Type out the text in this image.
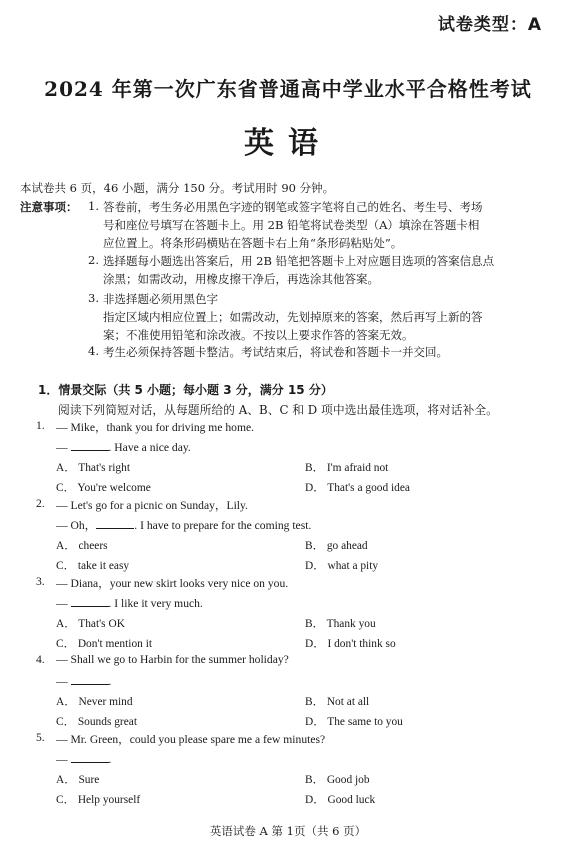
试卷类型：A
2024 年第一次广东省普通高中学业水平合格性考试
英语
本试卷共 6 页，46 小题，满分 150 分。考试用时 90 分钟。
注意事项： 1. 答卷前，考生务必用黑色字迹的钢笔或签字笔将自己的姓名、考生号、考场
号和座位号填写在答题卡上。用 2B 铅笔将试卷类型（A）填涂在答题卡相
应位置上。将条形码横贴在答题卡右上角“条形码粘贴处”。
2. 选择题每小题选出答案后，用 2B 铅笔把答题卡上对应题目选项的答案信息点
涂黑；如需改动，用橡皮擦干净后，再选涂其他答案。
3. 非选择题必须用黑色字
指定区域内相应位置上；如需改动，先划掉原来的答案，然后再写上新的答
案；不准使用铅笔和涂改液。不按以上要求作答的答案无效。
4. 考生必须保持答题卡整洁。考试结束后，将试卷和答题卡一并交回。
1．情景交际（共 5 小题；每小题 3 分，满分 15 分）
阅读下列简短对话，从每题所给的 A、B、C 和 D 项中选出最佳选项，将对话补全。
1. — Mike，thank you for driving me home.
—	. Have a nice day.
A． That's right	B． I'm afraid not
C． You're welcome	D． That's a good idea
2. — Let's go for a picnic on Sunday，Lily.
— Oh，	. I have to prepare for the coming test.
A． cheers	B． go ahead
C． take it easy	D． what a pity
3. — Diana，your new skirt looks very nice on you.
—	. I like it very much.
A． That's OK	B． Thank you
C． Don't mention it	D． I don't think so
4. — Shall we go to Harbin for the summer holiday?
—	.
A． Never mind	B． Not at all
C． Sounds great	D． The same to you
5. — Mr. Green，could you please spare me a few minutes?
—	.
A． Sure	B． Good job
C． Help yourself	D． Good luck
英语试卷 A 第 1页（共 6 页）
